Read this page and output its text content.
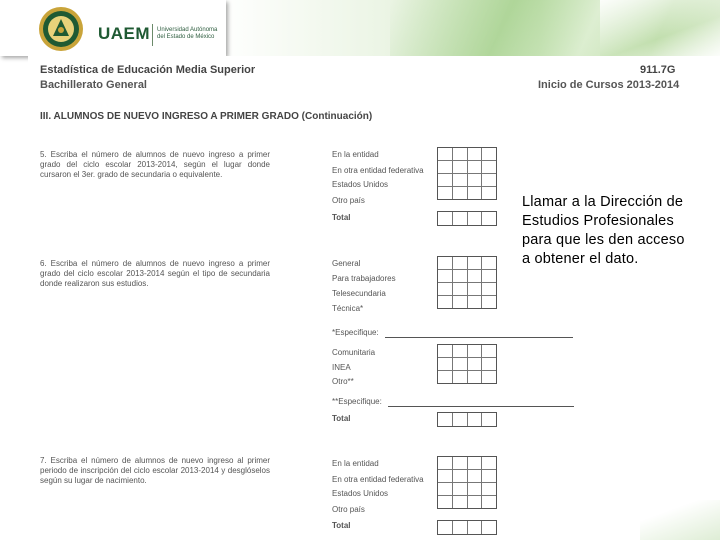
UAEM Universidad Autónoma del Estado de México
Estadística de Educación Media Superior
Bachillerato General
911.7G
Inicio de Cursos 2013-2014
III. ALUMNOS DE NUEVO INGRESO A PRIMER GRADO (Continuación)
5. Escriba el número de alumnos de nuevo ingreso a primer grado del ciclo escolar 2013-2014, según el lugar donde cursaron el 3er. grado de secundaria o equivalente.
En la entidad
En otra entidad federativa
Estados Unidos
Otro país
Total
6. Escriba el número de alumnos de nuevo ingreso a primer grado del ciclo escolar 2013-2014 según el tipo de secundaria donde realizaron sus estudios.
General
Para trabajadores
Telesecundaria
Técnica*
*Especifique:
Comunitaria
INEA
Otro**
**Especifique:
Total
7. Escriba el número de alumnos de nuevo ingreso al primer periodo de inscripción del ciclo escolar 2013-2014 y desglóselos según su lugar de nacimiento.
En la entidad
En otra entidad federativa
Estados Unidos
Otro país
Total
Llamar a la Dirección de Estudios Profesionales para que les den acceso a obtener el dato.
